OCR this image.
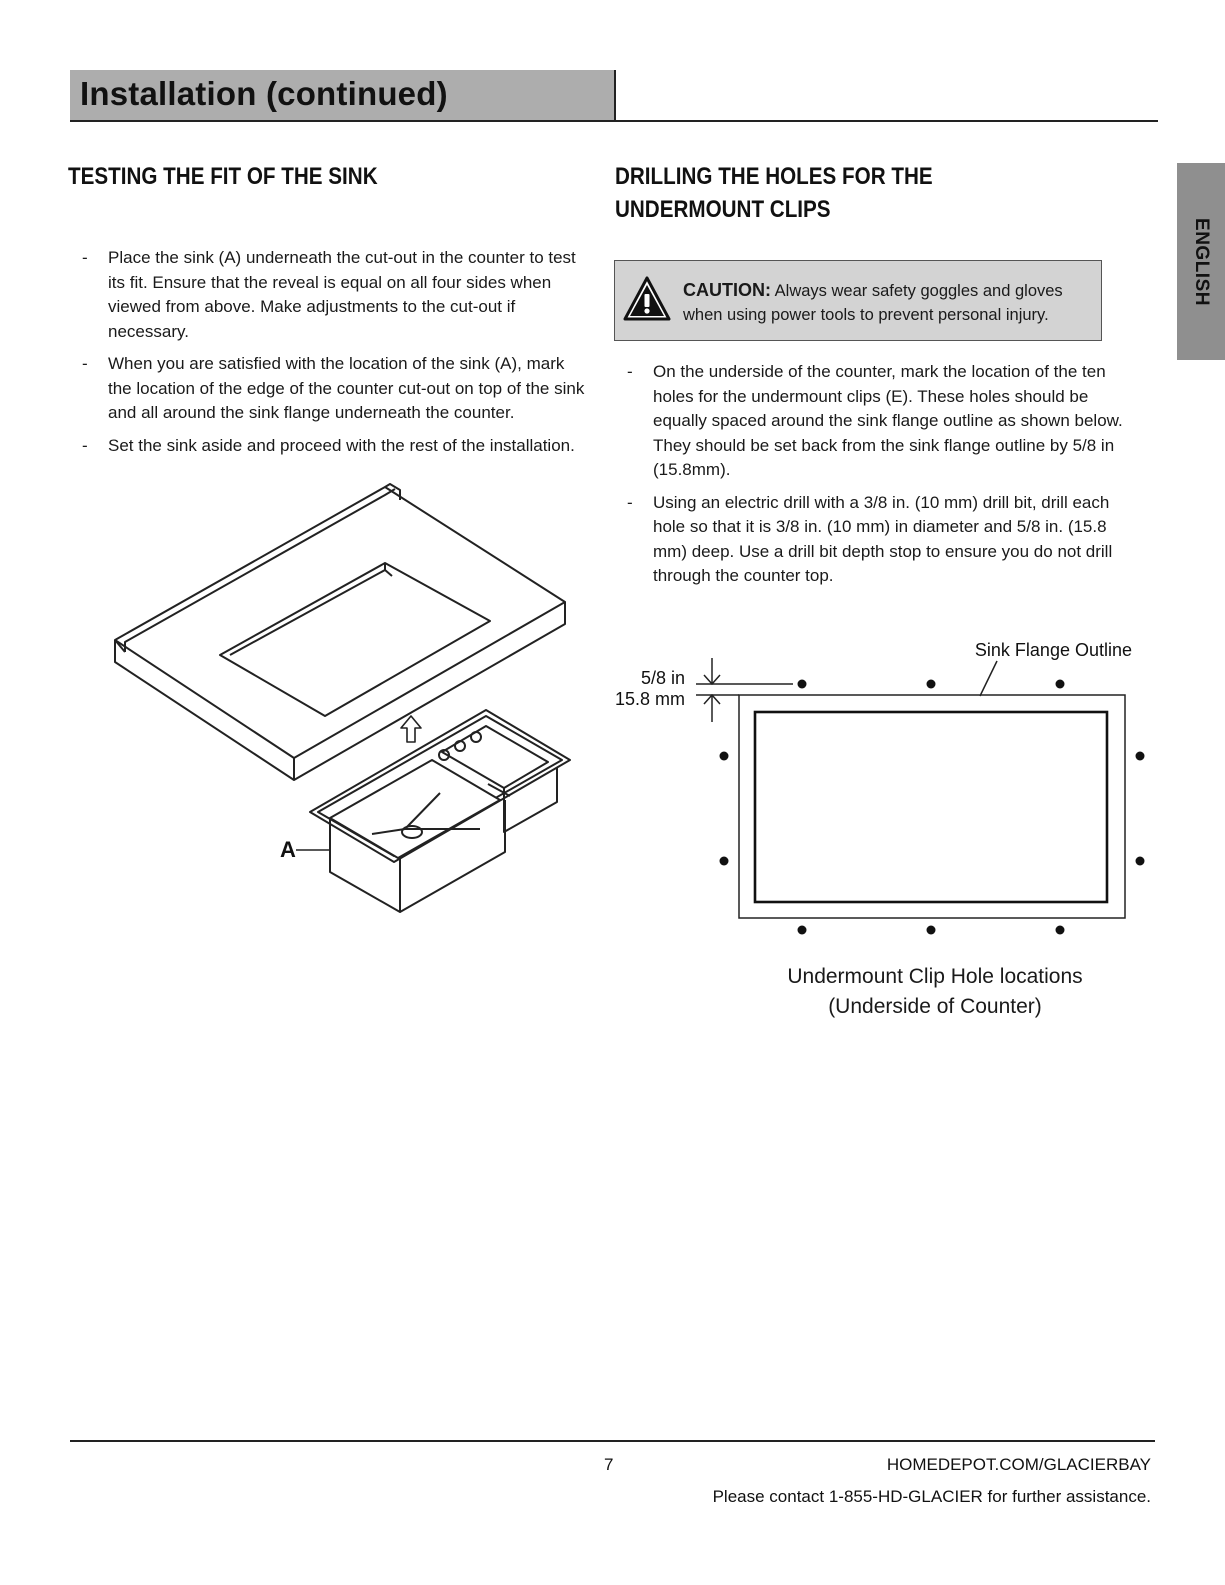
Installation (continued)
ENGLISH
TESTING THE FIT OF THE SINK
- Place the sink (A) underneath the cut-out in the counter to test its fit. Ensure that the reveal is equal on all four sides when viewed from above. Make adjustments to the cut-out if necessary.
- When you are satisfied with the location of the sink (A), mark the location of the edge of the counter cut-out on top of the sink and all around the sink flange underneath the counter.
- Set the sink aside and proceed with the rest of the installation.
A
DRILLING THE HOLES FOR THE
UNDERMOUNT CLIPS
CAUTION: Always wear safety goggles and gloves when using power tools to prevent personal injury.
- On the underside of the counter, mark the location of the ten holes for the undermount clips (E). These holes should be equally spaced around the sink flange outline as shown below. They should be set back from the sink flange outline by 5/8 in (15.8mm).
- Using an electric drill with a 3/8 in. (10 mm) drill bit, drill each hole so that it is 3/8 in. (10 mm) in diameter and 5/8 in. (15.8 mm) deep. Use a drill bit depth stop to ensure you do not drill through the counter top.
Sink Flange Outline
5/8 in
15.8 mm
Undermount Clip Hole locations
(Underside of Counter)
7	HOMEDEPOT.COM/GLACIERBAY
Please contact 1-855-HD-GLACIER for further assistance.
